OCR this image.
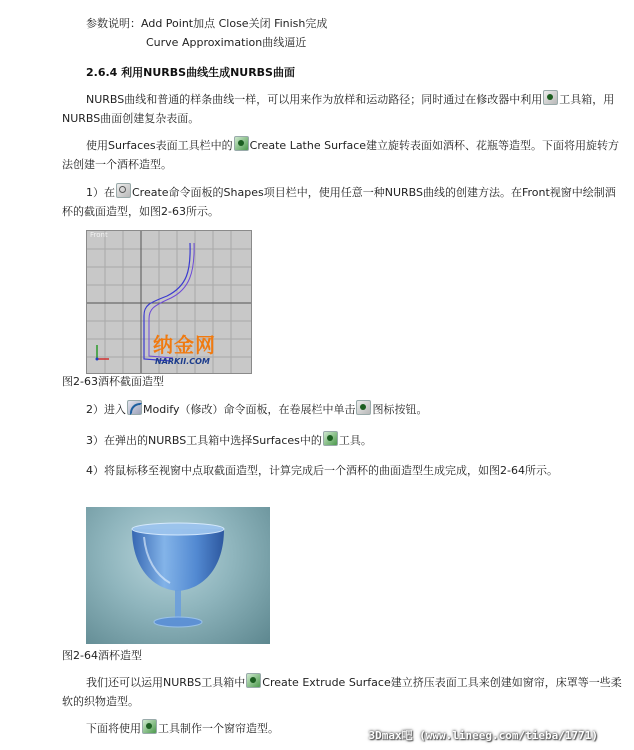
参数说明：Add Point加点 Close关闭 Finish完成

Curve Approximation曲线逼近

2.6.4 利用NURBS曲线生成NURBS曲面

NURBS曲线和普通的样条曲线一样，可以用来作为放样和运动路径；同时通过在修改器中利用 工具箱，用NURBS曲面创建复杂表面。

使用Surfaces表面工具栏中的 Create Lathe Surface建立旋转表面如酒杯、花瓶等造型。下面将用旋转方法创建一个酒杯造型。

1）在 Create命令面板的Shapes项目栏中，使用任意一种NURBS曲线的创建方法。在Front视窗中绘制酒杯的截面造型，如图2-63所示。

Front
纳金网
NARKII.COM
图2-63酒杯截面造型

2）进入 Modify（修改）命令面板，在卷展栏中单击 图标按钮。

3）在弹出的NURBS工具箱中选择Surfaces中的 工具。

4）将鼠标移至视窗中点取截面造型，计算完成后一个酒杯的曲面造型生成完成，如图2-64所示。

图2-64酒杯造型

我们还可以运用NURBS工具箱中 Create Extrude Surface建立挤压表面工具来创建如窗帘，床罩等一些柔软的织物造型。

下面将使用 工具制作一个窗帘造型。

3Dmax吧 (www.lineeg.com/tieba/1771)
